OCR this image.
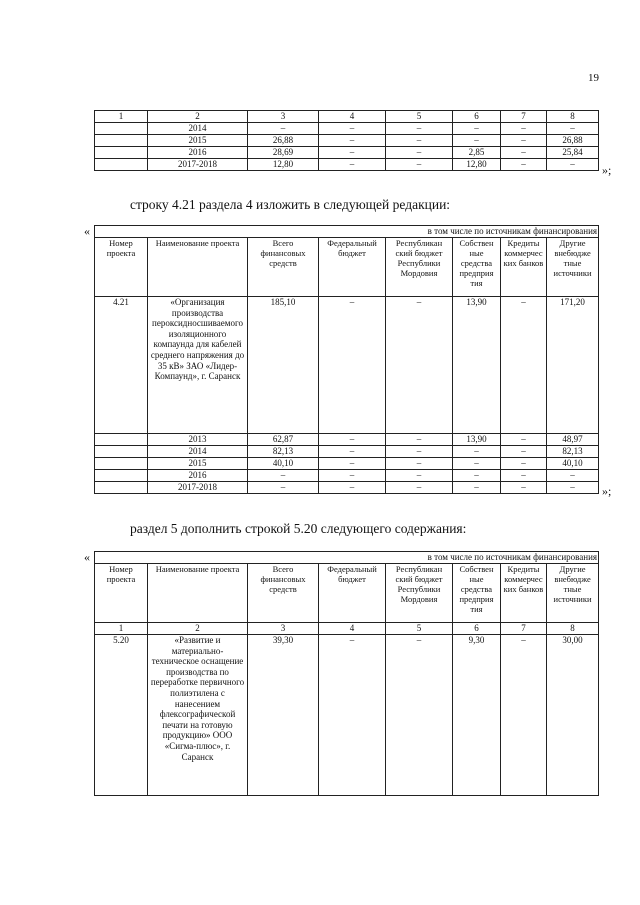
19
1	2	3	4	5	6	7	8
	2014	–	–	–	–	–	–
	2015	26,88	–	–	–	–	26,88
	2016	28,69	–	–	2,85	–	25,84
	2017-2018	12,80	–	–	12,80	–	– »;
строку 4.21 раздела 4 изложить в следующей редакции:
«	в том числе по источникам финансирования							
Номер проекта	Наименование проекта	Всего финансовых средств	Федеральный бюджет	Республикан ский бюджет Республики Мордовия	Собствен ные средства предприя тия	Кредиты коммерчес ких банков	Другие внебюдже тные источники
4.21	«Организация производства пероксидносшиваемого изоляционного компаунда для кабелей среднего напряжения до 35 кВ» ЗАО «Лидер-Компаунд», г. Саранск	185,10	–	–	13,90	–	171,20
	2013	62,87	–	–	13,90	–	48,97
	2014	82,13	–	–	–	–	82,13
	2015	40,10	–	–	–	–	40,10
	2016	–	–	–	–	–	–
	2017-2018	–	–	–	–	–	– »;
раздел 5 дополнить строкой 5.20 следующего содержания:
«	в том числе по источникам финансирования							
Номер проекта	Наименование проекта	Всего финансовых средств	Федеральный бюджет	Республикан ский бюджет Республики Мордовия	Собствен ные средства предприя тия	Кредиты коммерчес ких банков	Другие внебюдже тные источники
1	2	3	4	5	6	7	8
5.20	«Развитие и материально-техническое оснащение производства по переработке первичного полиэтилена с нанесением флексографической печати на готовую продукцию» ООО «Сигма-плюс», г. Саранск	39,30	–	–	9,30	–	30,00
